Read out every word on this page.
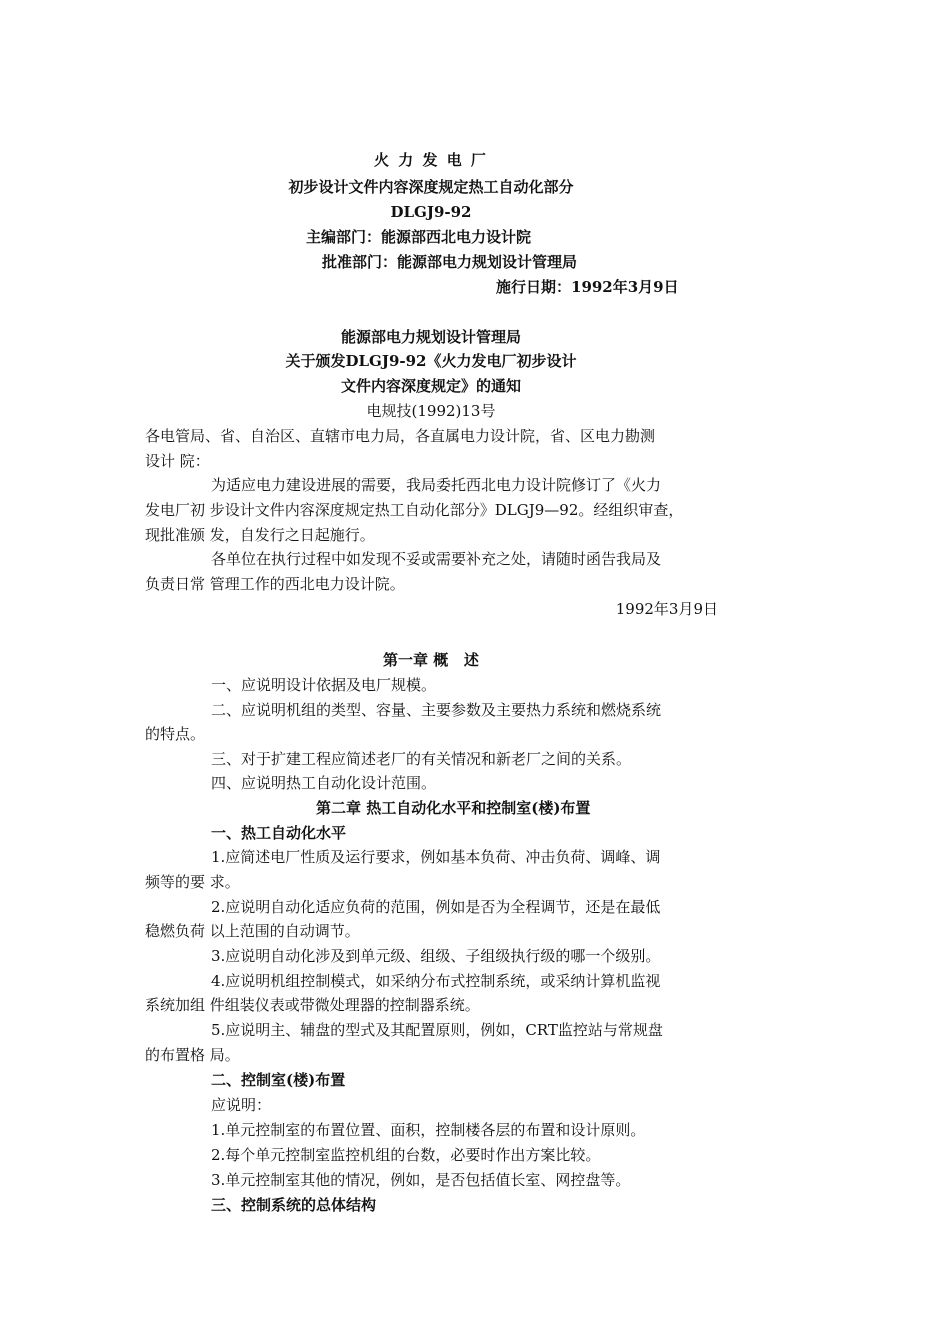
火 力 发 电 厂
初步设计文件内容深度规定热工自动化部分
DLGJ9-92
主编部门：能源部西北电力设计院
批准部门：能源部电力规划设计管理局
施行日期：1992年3月9日
能源部电力规划设计管理局
关于颁发DLGJ9-92《火力发电厂初步设计
文件内容深度规定》的通知
电规技(1992)13号
各电管局、省、自治区、直辖市电力局，各直属电力设计院，省、区电力勘测
设计 院：
为适应电力建设进展的需要，我局委托西北电力设计院修订了《火力
发电厂初 步设计文件内容深度规定热工自动化部分》DLGJ9—92。经组织审查，
现批准颁 发，自发行之日起施行。
各单位在执行过程中如发现不妥或需要补充之处，请随时函告我局及
负责日常 管理工作的西北电力设计院。
1992年3月9日
第一章 概   述
一、应说明设计依据及电厂规模。
二、应说明机组的类型、容量、主要参数及主要热力系统和燃烧系统
的特点。
三、对于扩建工程应简述老厂的有关情况和新老厂之间的关系。
四、应说明热工自动化设计范围。
第二章 热工自动化水平和控制室(楼)布置
一、热工自动化水平
1.应简述电厂性质及运行要求，例如基本负荷、冲击负荷、调峰、调
频等的要 求。
2.应说明自动化适应负荷的范围，例如是否为全程调节，还是在最低
稳燃负荷 以上范围的自动调节。
3.应说明自动化涉及到单元级、组级、子组级执行级的哪一个级别。
4.应说明机组控制模式，如采纳分布式控制系统，或采纳计算机监视
系统加组 件组装仪表或带微处理器的控制器系统。
5.应说明主、辅盘的型式及其配置原则，例如，CRT监控站与常规盘
的布置格 局。
二、控制室(楼)布置
应说明：
1.单元控制室的布置位置、面积，控制楼各层的布置和设计原则。
2.每个单元控制室监控机组的台数，必要时作出方案比较。
3.单元控制室其他的情况，例如，是否包括值长室、网控盘等。
三、控制系统的总体结构
